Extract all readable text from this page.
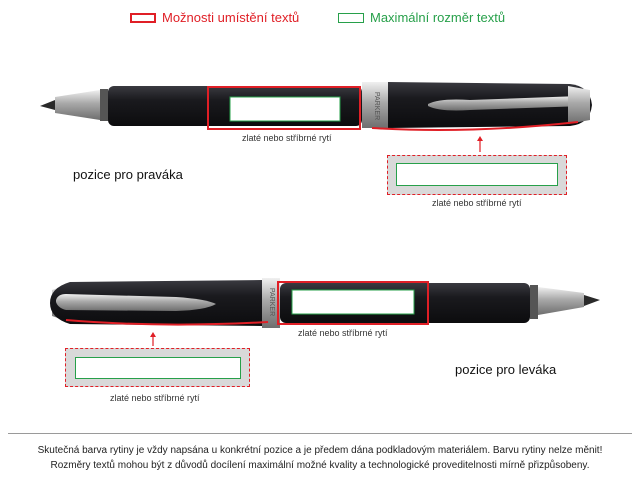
Možnosti umístění textů	Maximální rozměr textů
PARKER
zlaté nebo stříbrné rytí
pozice pro praváka
zlaté nebo stříbrné rytí
PARKER
zlaté nebo stříbrné rytí
pozice pro leváka
zlaté nebo stříbrné rytí
Skutečná barva rytiny je vždy napsána u konkrétní pozice a je předem dána podkladovým materiálem. Barvu rytiny nelze měnit!
Rozměry textů mohou být z důvodů docílení maximální možné kvality a technologické proveditelnosti mírně přizpůsobeny.
